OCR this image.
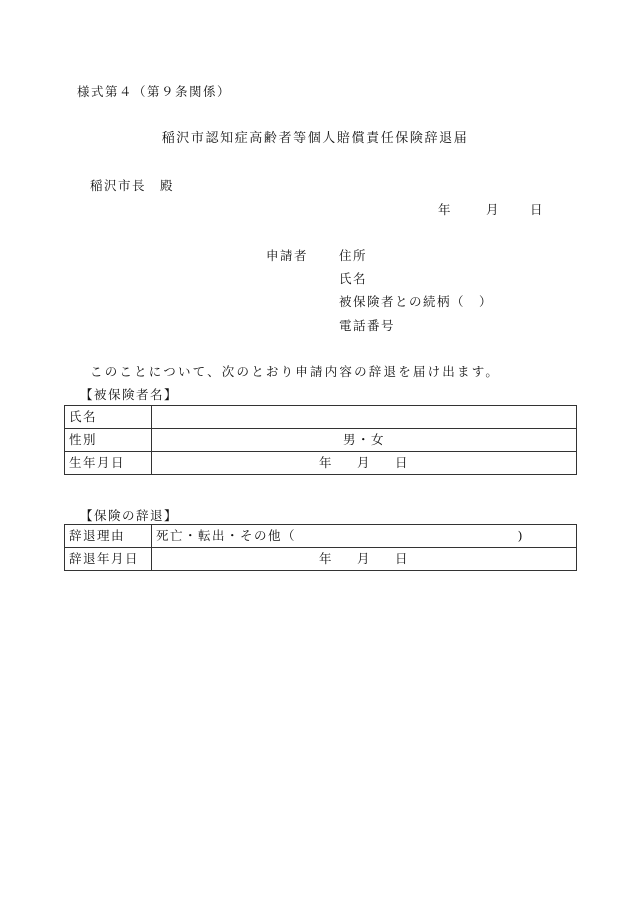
様式第４（第９条関係）
稲沢市認知症高齢者等個人賠償責任保険辞退届
稲沢市長　殿
年	月 日
申請者 住所
氏名
被保険者との続柄（　）
電話番号
このことについて、次のとおり申請内容の辞退を届け出ます。
【被保険者名】
氏名	
性別	男・女
生年月日	年 月 日
【保険の辞退】
辞退理由	死亡・転出・その他（ )

辞退年月日	年 月 日
